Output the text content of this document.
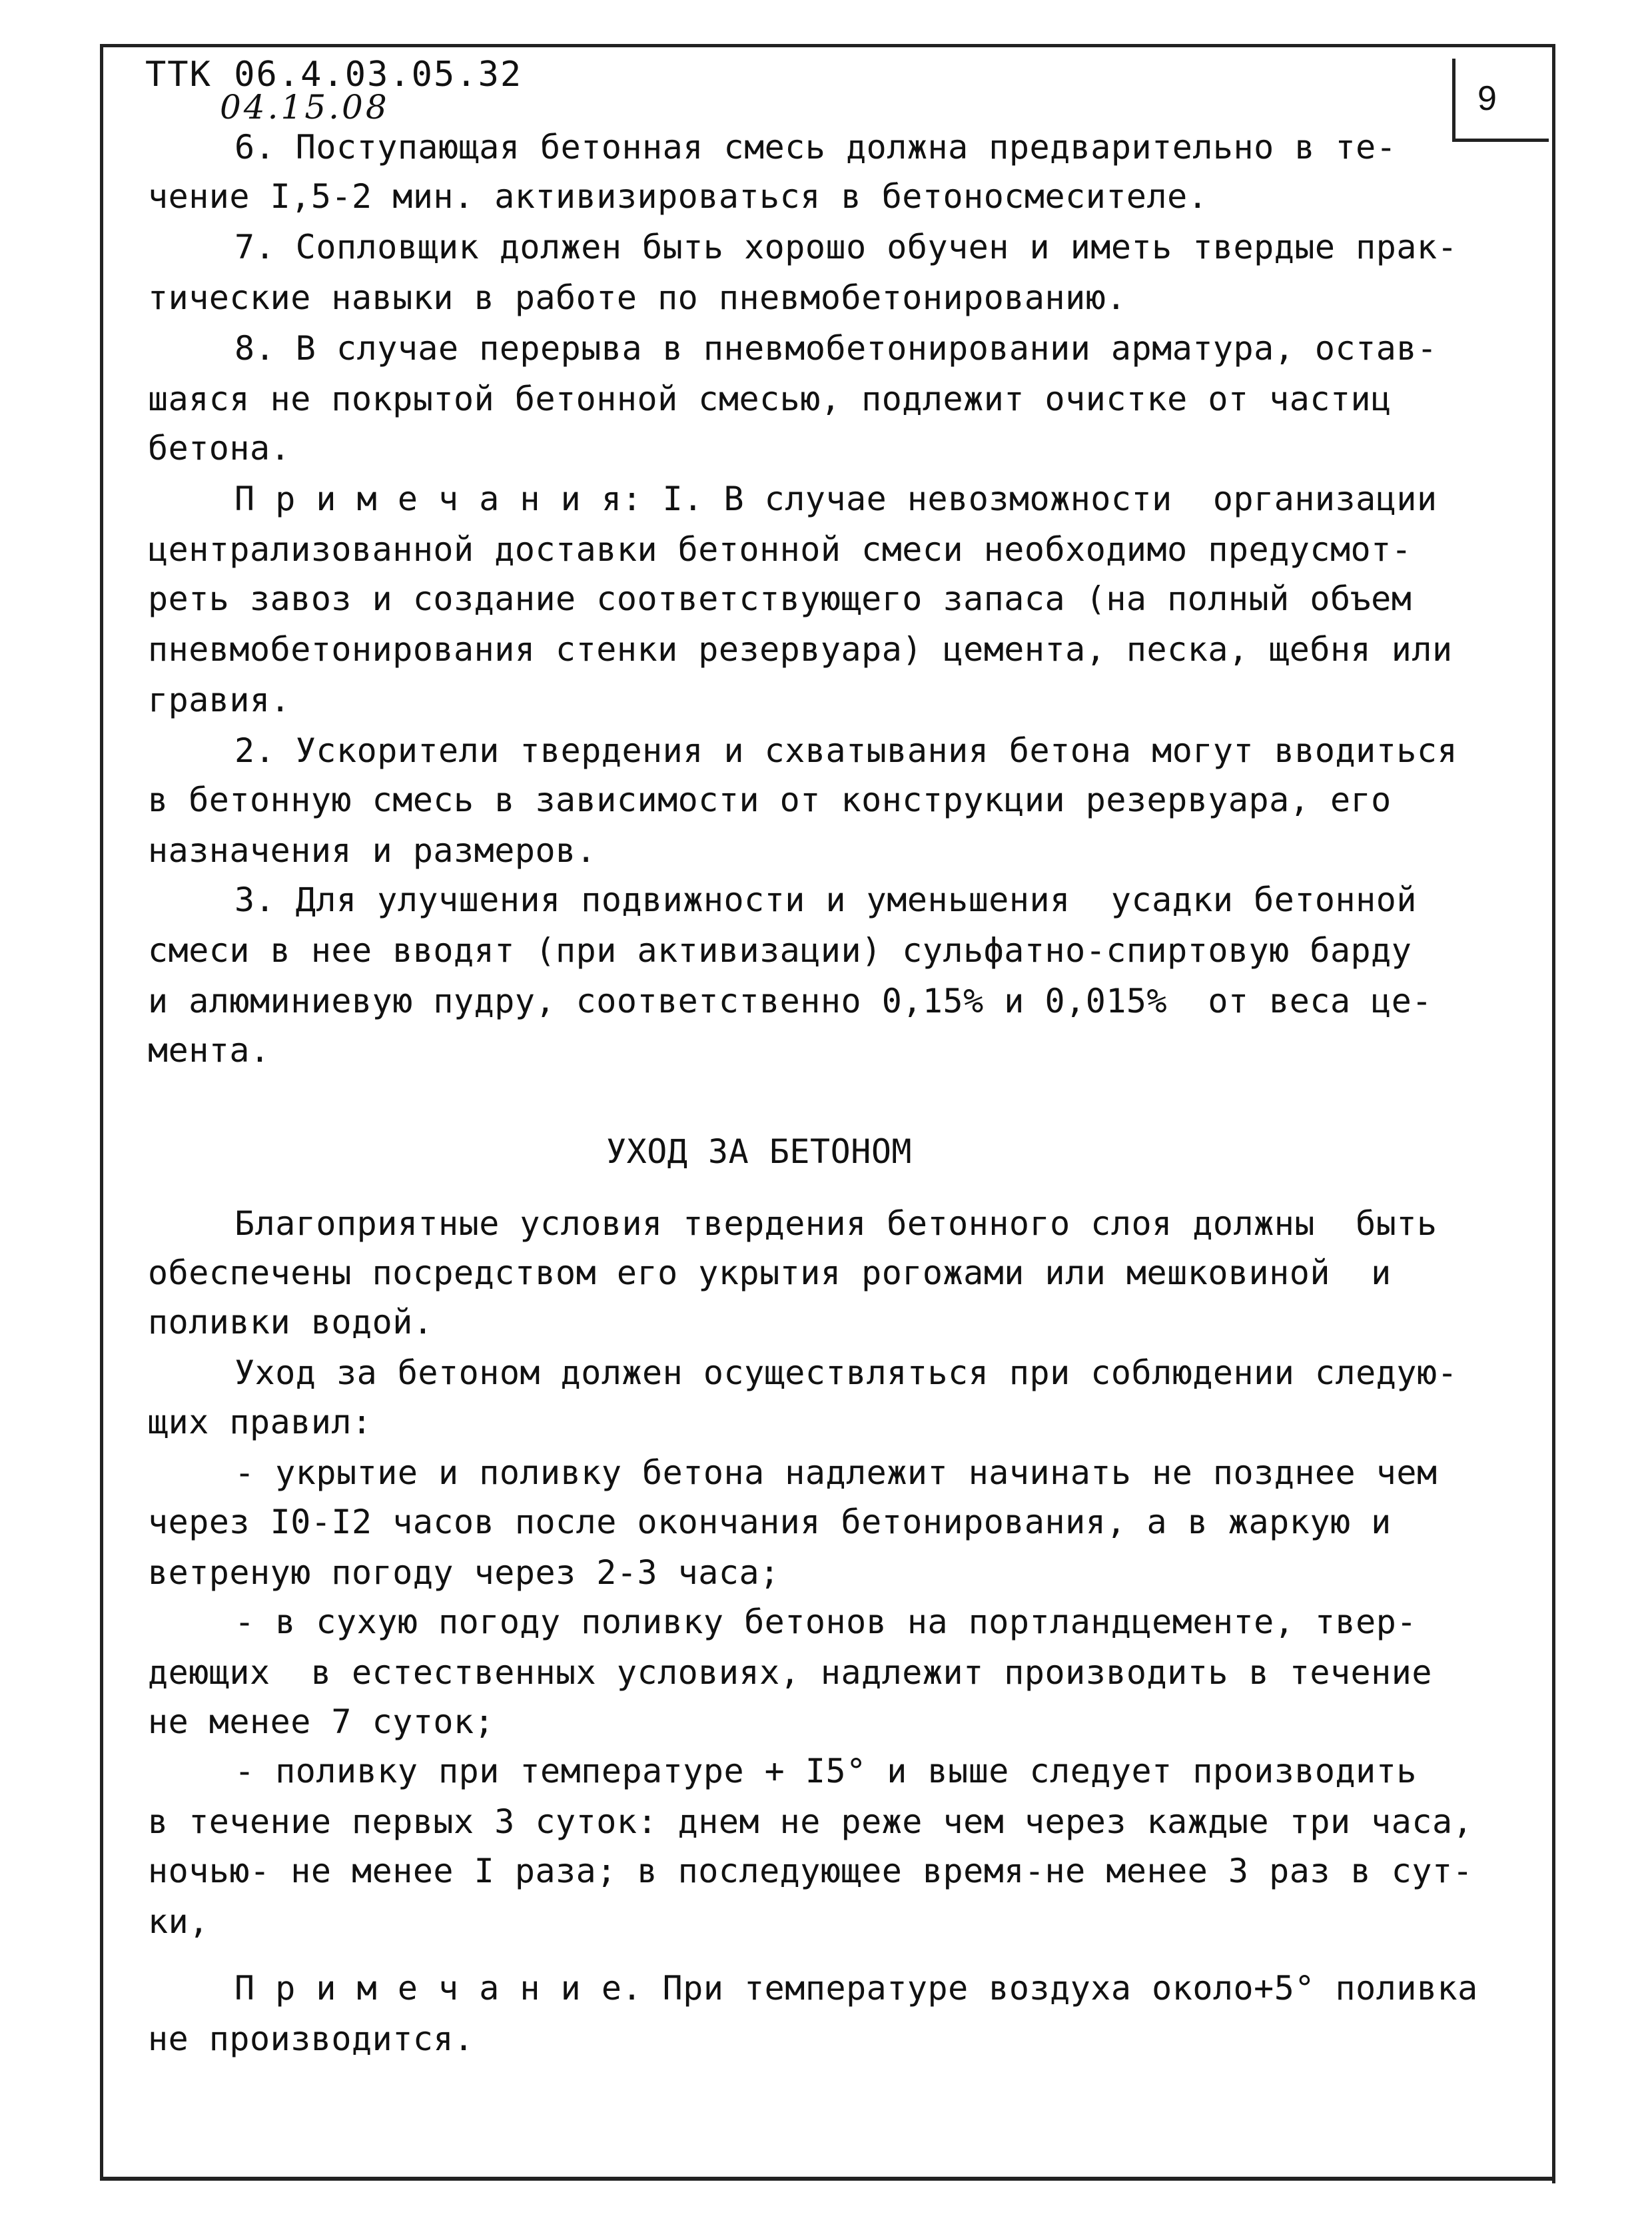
9
ТТК 06.4.03.05.32
04.15.08
6. Поступающая бетонная смесь должна предварительно в те-
чение I,5-2 мин. активизироваться в бетоносмесителе.
7. Сопловщик должен быть хорошо обучен и иметь твердые прак-
тические навыки в работе по пневмобетонированию.
8. В случае перерыва в пневмобетонировании арматура, остав-
шаяся не покрытой бетонной смесью, подлежит очистке от частиц
бетона.
П р и м е ч а н и я: I. В случае невозможности  организации
централизованной доставки бетонной смеси необходимо предусмот-
реть завоз и создание соответствующего запаса (на полный объем
пневмобетонирования стенки резервуара) цемента, песка, щебня или
гравия.
2. Ускорители твердения и схватывания бетона могут вводиться
в бетонную смесь в зависимости от конструкции резервуара, его
назначения и размеров.
3. Для улучшения подвижности и уменьшения  усадки бетонной
смеси в нее вводят (при активизации) сульфатно-спиртовую барду
и алюминиевую пудру, соответственно 0,15% и 0,015%  от веса це-
мента.
УХОД ЗА БЕТОНОМ
Благоприятные условия твердения бетонного слоя должны  быть
обеспечены посредством его укрытия рогожами или мешковиной  и
поливки водой.
Уход за бетоном должен осуществляться при соблюдении следую-
щих правил:
- укрытие и поливку бетона надлежит начинать не позднее чем
через I0-I2 часов после окончания бетонирования, а в жаркую и
ветреную погоду через 2-3 часа;
- в сухую погоду поливку бетонов на портландцементе, твер-
деющих  в естественных условиях, надлежит производить в течение
не менее 7 суток;
- поливку при температуре + I5° и выше следует производить
в течение первых 3 суток: днем не реже чем через каждые три часа,
ночью- не менее I раза; в последующее время-не менее 3 раз в сут-
ки,
П р и м е ч а н и е. При температуре воздуха около+5° поливка
не производится.
